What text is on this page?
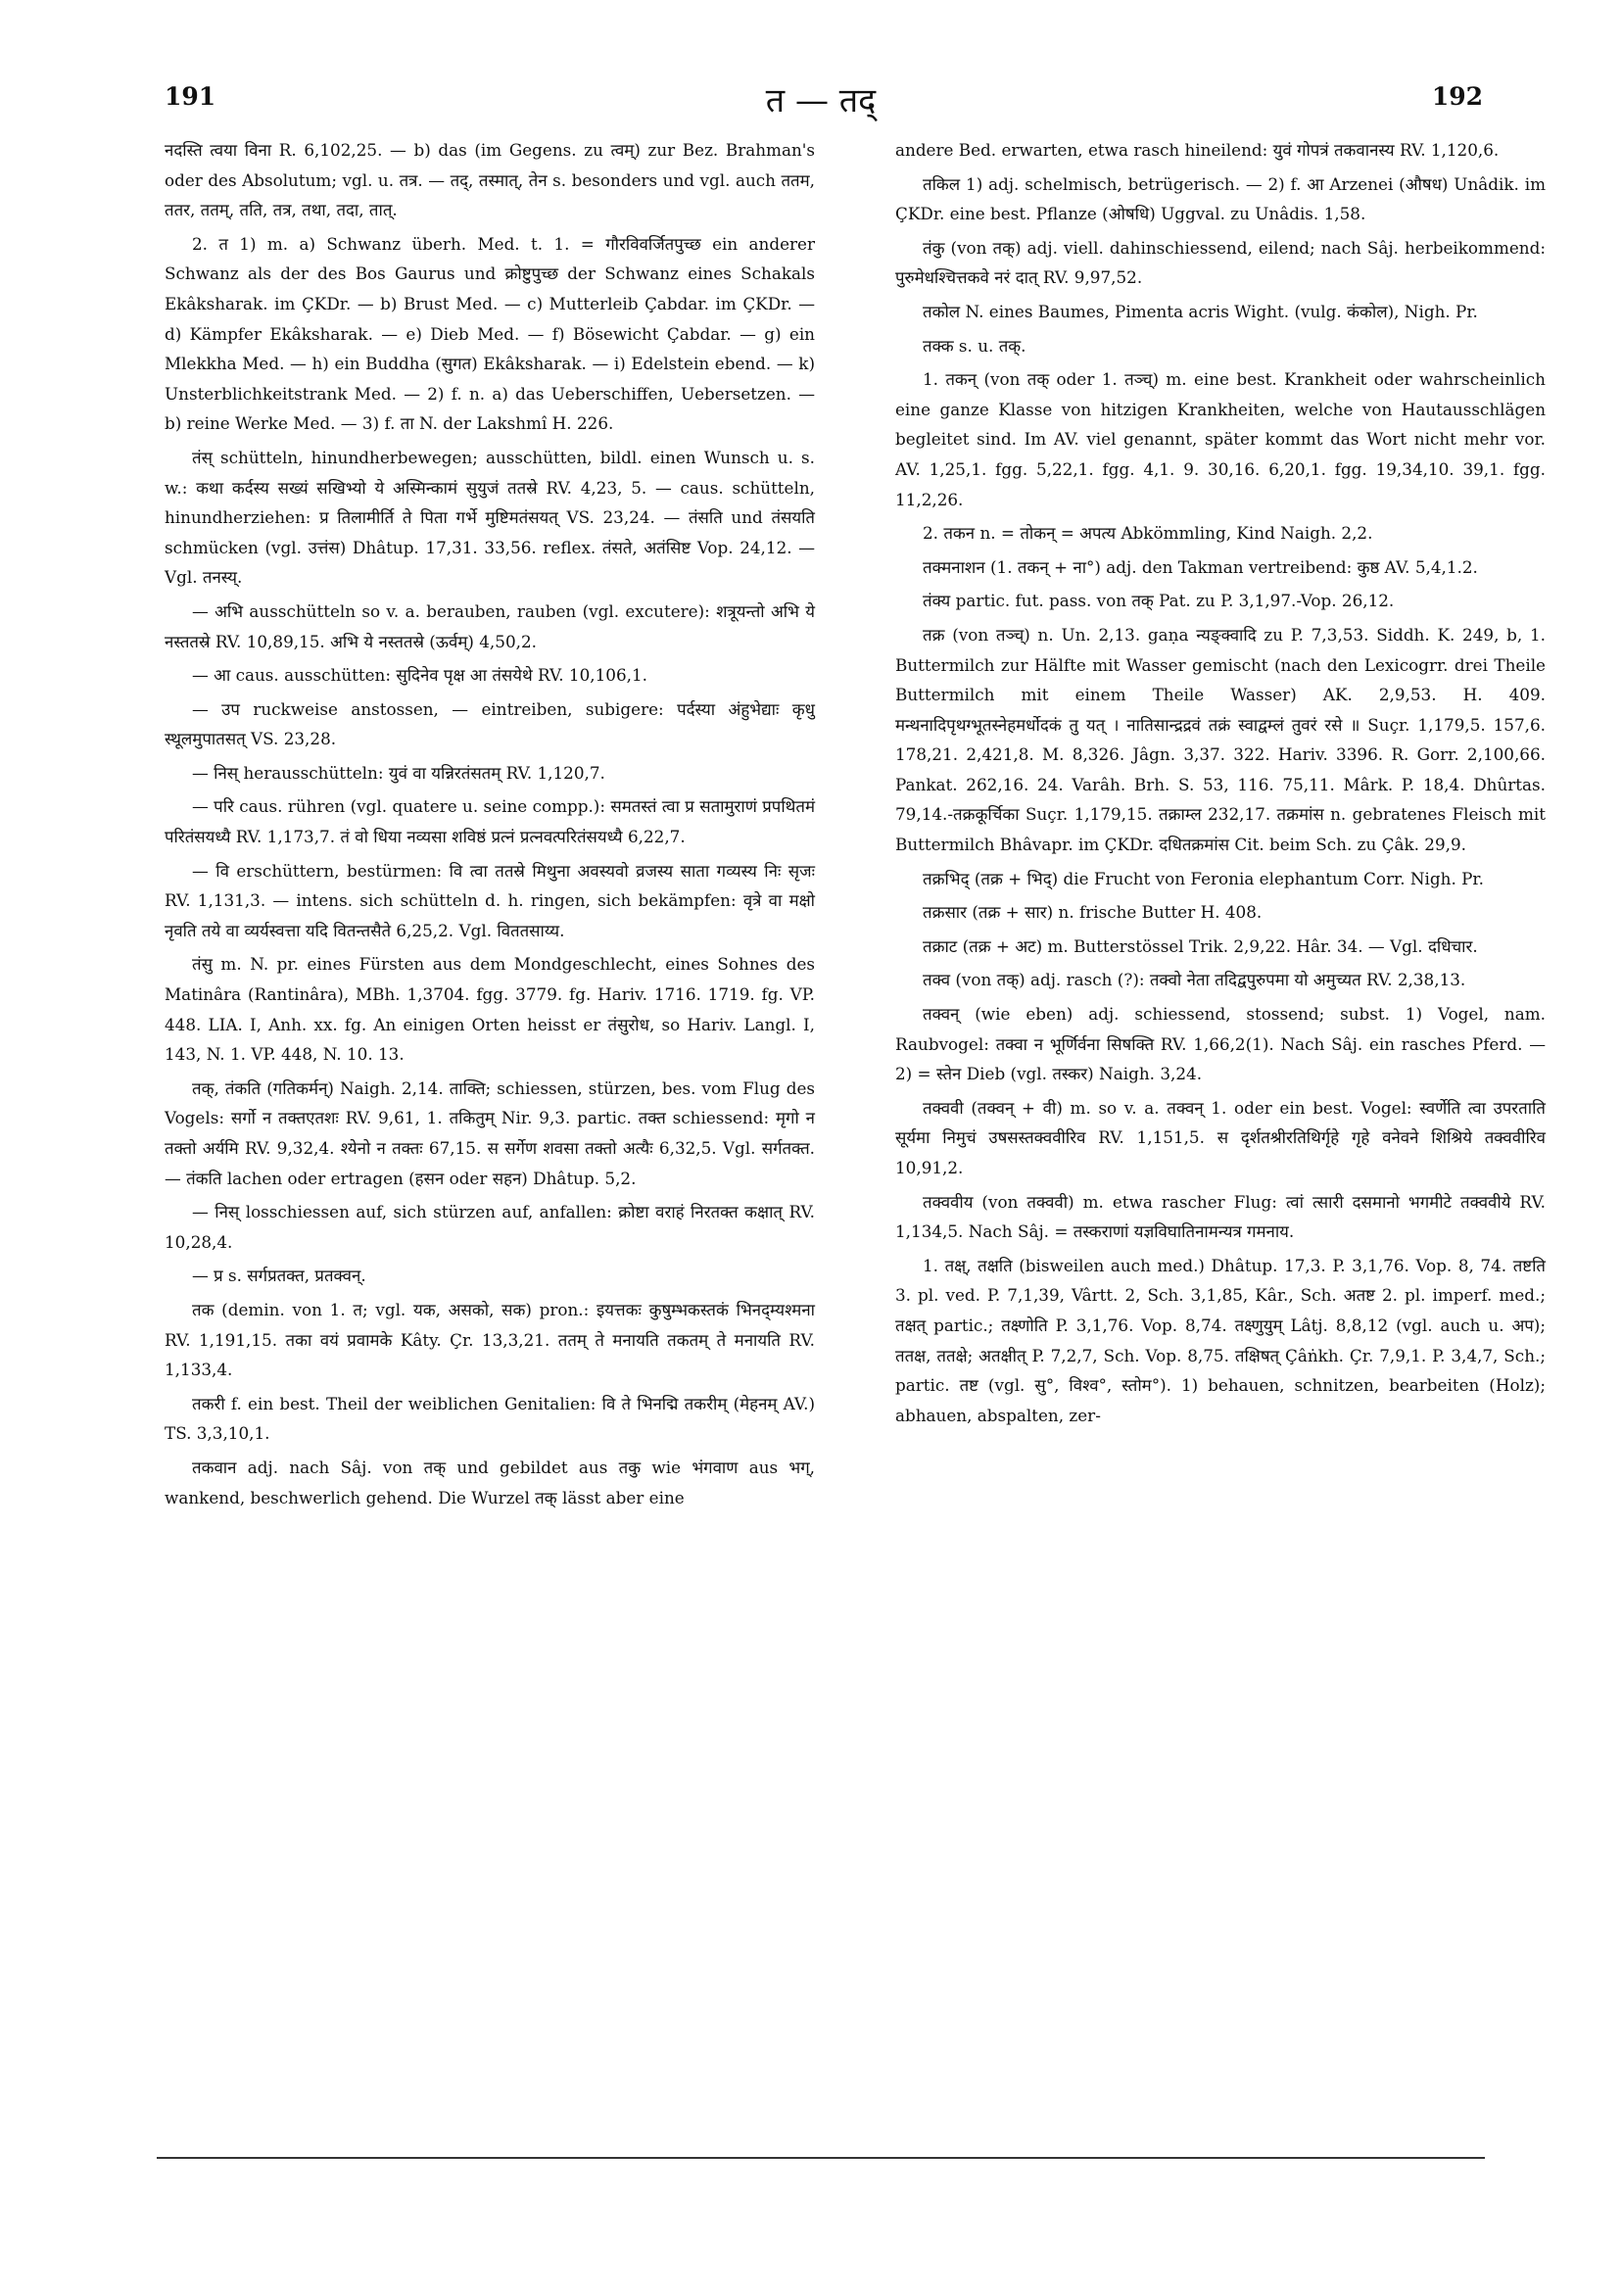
191	त — तद्	192

नदस्ति त्वया विना R. 6,102,25. — b) das (im Gegens. zu त्वम्) zur Bez. Brahman's oder des Absolutum; vgl. u. तत्र. — तद्, तस्मात्, तेन s. besonders und vgl. auch ततम, ततर, ततम्, तति, तत्र, तथा, तदा, तात्.

2. त 1) m. a) Schwanz überh. Med. t. 1. = गौरविवर्जितपुच्छ ein anderer Schwanz als der des Bos Gaurus und क्रोष्टुपुच्छ der Schwanz eines Schakals Ekâksharak. im ÇKDr. — b) Brust Med. — c) Mutterleib Çabdar. im ÇKDr. — d) Kämpfer Ekâksharak. — e) Dieb Med. — f) Bösewicht Çabdar. — g) ein Mlekkha Med. — h) ein Buddha (सुगत) Ekâksharak. — i) Edelstein ebend. — k) Unsterblichkeitstrank Med. — 2) f. n. a) das Ueberschiffen, Uebersetzen. — b) reine Werke Med. — 3) f. ता N. der Lakshmî H. 226.

तंस् schütteln, hinundherbewegen; ausschütten, bildl. einen Wunsch u. s. w.: कथा कर्दस्य सख्यं सखिभ्यो ये अस्मिन्कामं सुयुजं ततस्रे RV. 4,23, 5. — caus. schütteln, hinundherziehen: प्र तिलामीर्ति ते पिता गर्भे मुष्टिमतंसयत् VS. 23,24. — तंसति und तंसयति schmücken (vgl. उत्तंस) Dhâtup. 17,31. 33,56. reflex. तंसते, अतंसिष्ट Vop. 24,12. — Vgl. तनस्य्.

— अभि ausschütteln so v. a. berauben, rauben (vgl. excutere): शत्रूयन्तो अभि ये नस्ततस्रे RV. 10,89,15. अभि ये नस्ततस्रे (ऊर्वम्) 4,50,2.

— आ caus. ausschütten: सुदिनेव पृक्ष आ तंसयेथे RV. 10,106,1.

— उप ruckweise anstossen, — eintreiben, subigere: पर्दस्या अंहुभेद्याः कृधु स्थूलमुपातसत् VS. 23,28.

— निस् herausschütteln: युवं वा यन्निरतंसतम् RV. 1,120,7.

— परि caus. rühren (vgl. quatere u. seine compp.): समतस्तं त्वा प्र सतामुराणं प्रपथितमं परितंसयध्यै RV. 1,173,7. तं वो धिया नव्यसा शविष्ठं प्रत्नं प्रत्नवत्परितंसयध्यै 6,22,7.

— वि erschüttern, bestürmen: वि त्वा ततस्रे मिथुना अवस्यवो व्रजस्य साता गव्यस्य निः सृजः RV. 1,131,3. — intens. sich schütteln d. h. ringen, sich bekämpfen: वृत्रे वा मक्षो नृवति तये वा व्यर्यस्वत्ता यदि वितन्तसैते 6,25,2. Vgl. विततसाय्य.

तंसु m. N. pr. eines Fürsten aus dem Mondgeschlecht, eines Sohnes des Matinâra (Rantinâra), MBh. 1,3704. fgg. 3779. fg. Hariv. 1716. 1719. fg. VP. 448. LIA. I, Anh. xx. fg. An einigen Orten heisst er तंसुरोध, so Hariv. Langl. I, 143, N. 1. VP. 448, N. 10. 13.

तक्, तंकति (गतिकर्मन्) Naigh. 2,14. ताक्ति; schiessen, stürzen, bes. vom Flug des Vogels: सर्गो न तक्तएतशः RV. 9,61, 1. तकितुम् Nir. 9,3. partic. तक्त schiessend: मृगो न तक्तो अर्यमि RV. 9,32,4. श्येनो न तक्तः 67,15. स सर्गेण शवसा तक्तो अत्यैः 6,32,5. Vgl. सर्गतक्त. — तंकति lachen oder ertragen (हसन oder सहन) Dhâtup. 5,2.

— निस् losschiessen auf, sich stürzen auf, anfallen: क्रोष्टा वराहं निरतक्त कक्षात् RV. 10,28,4.

— प्र s. सर्गप्रतक्त, प्रतक्वन्.

तक (demin. von 1. त; vgl. यक, असको, सक) pron.: इयत्तकः कुषुम्भकस्तकं भिनद्म्यश्मना RV. 1,191,15. तका वयं प्रवामके Kâty. Çr. 13,3,21. ततम् ते मनायति तकतम् ते मनायति RV. 1,133,4.

तकरी f. ein best. Theil der weiblichen Genitalien: वि ते भिनद्मि तकरीम् (मेहनम् AV.) TS. 3,3,10,1.

तकवान adj. nach Sâj. von तक् und gebildet aus तकु wie भंगवाण aus भग्, wankend, beschwerlich gehend. Die Wurzel तक् lässt aber eine

andere Bed. erwarten, etwa rasch hineilend: युवं गोपत्रं तकवानस्य RV. 1,120,6.

तकिल 1) adj. schelmisch, betrügerisch. — 2) f. आ Arzenei (औषध) Unâdik. im ÇKDr. eine best. Pflanze (ओषधि) Uggval. zu Unâdis. 1,58.

तंकु (von तक्) adj. viell. dahinschiessend, eilend; nach Sâj. herbeikommend: पुरुमेधश्चित्तकवे नरं दात् RV. 9,97,52.

तकोल N. eines Baumes, Pimenta acris Wight. (vulg. कंकोल), Nigh. Pr.

तक्क s. u. तक्.

1. तकन् (von तक् oder 1. तञ्च्) m. eine best. Krankheit oder wahrscheinlich eine ganze Klasse von hitzigen Krankheiten, welche von Hautausschlägen begleitet sind. Im AV. viel genannt, später kommt das Wort nicht mehr vor. AV. 1,25,1. fgg. 5,22,1. fgg. 4,1. 9. 30,16. 6,20,1. fgg. 19,34,10. 39,1. fgg. 11,2,26.

2. तकन n. = तोकन् = अपत्य Abkömmling, Kind Naigh. 2,2.

तक्मनाशन (1. तकन् + ना°) adj. den Takman vertreibend: कुष्ठ AV. 5,4,1.2.

तंक्य partic. fut. pass. von तक् Pat. zu P. 3,1,97.-Vop. 26,12.

तक्र (von तञ्च्) n. Un. 2,13. gaṇa न्यङ्क्वादि zu P. 7,3,53. Siddh. K. 249, b, 1. Buttermilch zur Hälfte mit Wasser gemischt (nach den Lexicogrr. drei Theile Buttermilch mit einem Theile Wasser) AK. 2,9,53. H. 409. मन्थनादिपृथग्भूतस्नेहमर्धोदकं तु यत् । नातिसान्द्रद्रवं तक्रं स्वाद्वम्लं तुवरं रसे ॥ Suçr. 1,179,5. 157,6. 178,21. 2,421,8. M. 8,326. Jâgn. 3,37. 322. Hariv. 3396. R. Gorr. 2,100,66. Pankat. 262,16. 24. Varâh. Brh. S. 53, 116. 75,11. Mârk. P. 18,4. Dhûrtas. 79,14.-तक्रकूर्चिका Suçr. 1,179,15. तक्राम्ल 232,17. तक्रमांस n. gebratenes Fleisch mit Buttermilch Bhâvapr. im ÇKDr. दधितक्रमांस Cit. beim Sch. zu Çâk. 29,9.

तक्रभिद् (तक्र + भिद्) die Frucht von Feronia elephantum Corr. Nigh. Pr.

तक्रसार (तक्र + सार) n. frische Butter H. 408.

तक्राट (तक्र + अट) m. Butterstössel Trik. 2,9,22. Hâr. 34. — Vgl. दधिचार.

तक्व (von तक्) adj. rasch (?): तक्वो नेता तदिद्वपुरुपमा यो अमुच्यत RV. 2,38,13.

तक्वन् (wie eben) adj. schiessend, stossend; subst. 1) Vogel, nam. Raubvogel: तक्वा न भूर्णिर्वना सिषक्ति RV. 1,66,2(1). Nach Sâj. ein rasches Pferd. — 2) = स्तेन Dieb (vgl. तस्कर) Naigh. 3,24.

तक्ववी (तक्वन् + वी) m. so v. a. तक्वन् 1. oder ein best. Vogel: स्वर्णेति त्वा उपरताति सूर्यमा निमुचं उषसस्तक्ववीरिव RV. 1,151,5. स दृर्शतश्रीरतिथिर्गृहे गृहे वनेवने शिश्रिये तक्ववीरिव 10,91,2.

तक्ववीय (von तक्ववी) m. etwa rascher Flug: त्वां त्सारी दसमानो भगमीटे तक्ववीये RV. 1,134,5. Nach Sâj. = तस्कराणां यज्ञविघातिनामन्यत्र गमनाय.

1. तक्ष्, तक्षति (bisweilen auch med.) Dhâtup. 17,3. P. 3,1,76. Vop. 8, 74. तष्टति 3. pl. ved. P. 7,1,39, Vârtt. 2, Sch. 3,1,85, Kâr., Sch. अतष्ट 2. pl. imperf. med.; तक्षत् partic.; तक्ष्णोति P. 3,1,76. Vop. 8,74. तक्ष्णुयुम् Lâtj. 8,8,12 (vgl. auch u. अप); ततक्ष, ततक्षे; अतक्षीत् P. 7,2,7, Sch. Vop. 8,75. तक्षिषत् Çâṅkh. Çr. 7,9,1. P. 3,4,7, Sch.; partic. तष्ट (vgl. सु°, विश्व°, स्तोम°). 1) behauen, schnitzen, bearbeiten (Holz); abhauen, abspalten, zer-
